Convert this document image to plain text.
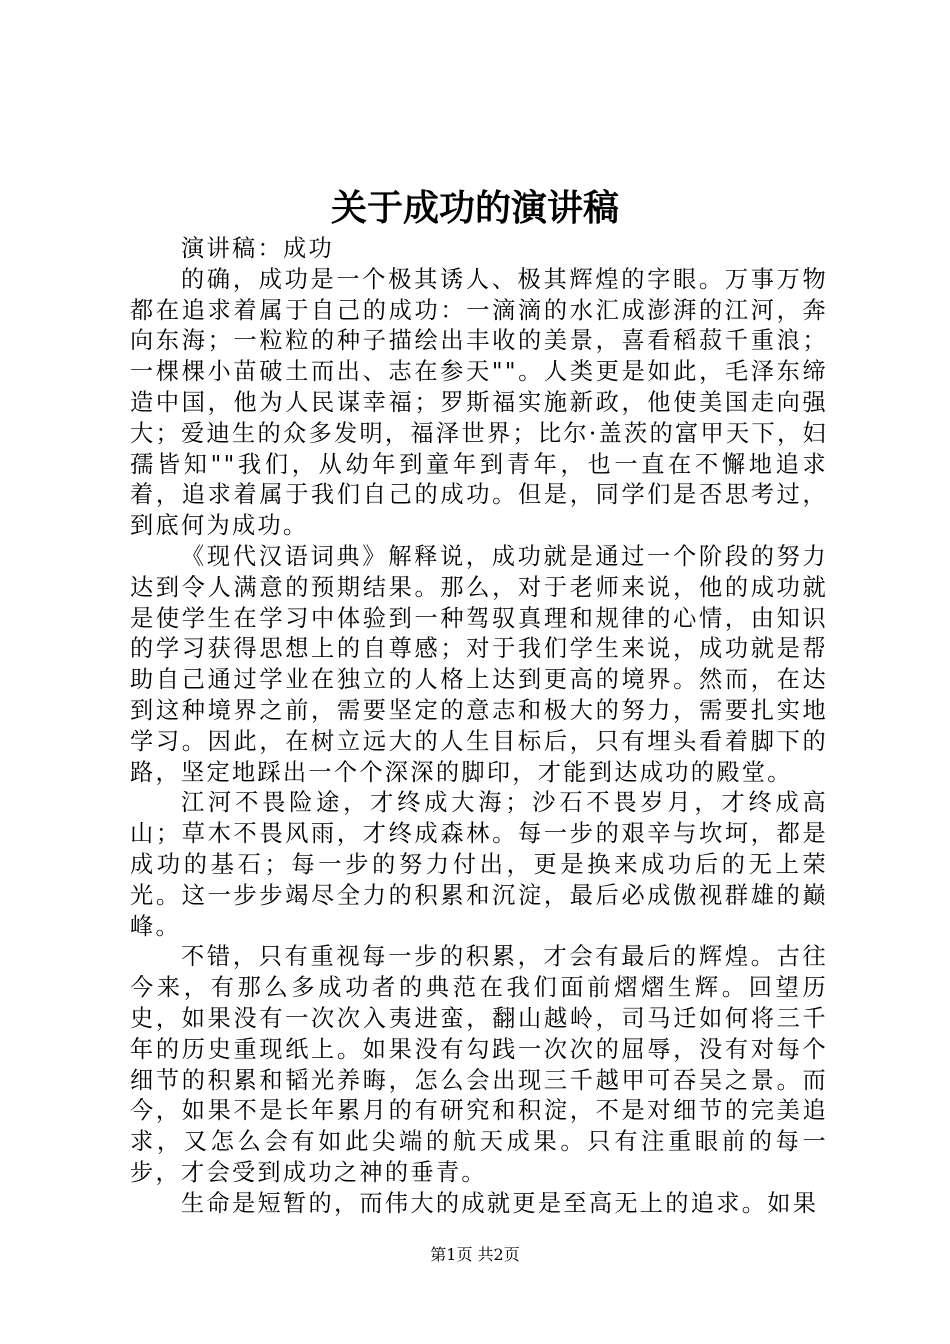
关于成功的演讲稿

演讲稿：成功

的确，成功是一个极其诱人、极其辉煌的字眼。万事万物都在追求着属于自己的成功：一滴滴的水汇成澎湃的江河，奔向东海；一粒粒的种子描绘出丰收的美景，喜看稻菽千重浪；一棵棵小苗破土而出、志在参天""。人类更是如此，毛泽东缔造中国，他为人民谋幸福；罗斯福实施新政，他使美国走向强大；爱迪生的众多发明，福泽世界；比尔·盖茨的富甲天下，妇孺皆知""我们，从幼年到童年到青年，也一直在不懈地追求着，追求着属于我们自己的成功。但是，同学们是否思考过，到底何为成功。

《现代汉语词典》解释说，成功就是通过一个阶段的努力达到令人满意的预期结果。那么，对于老师来说，他的成功就是使学生在学习中体验到一种驾驭真理和规律的心情，由知识的学习获得思想上的自尊感；对于我们学生来说，成功就是帮助自己通过学业在独立的人格上达到更高的境界。然而，在达到这种境界之前，需要坚定的意志和极大的努力，需要扎实地学习。因此，在树立远大的人生目标后，只有埋头看着脚下的路，坚定地踩出一个个深深的脚印，才能到达成功的殿堂。

江河不畏险途，才终成大海；沙石不畏岁月，才终成高山；草木不畏风雨，才终成森林。每一步的艰辛与坎坷，都是成功的基石；每一步的努力付出，更是换来成功后的无上荣光。这一步步竭尽全力的积累和沉淀，最后必成傲视群雄的巅峰。

不错，只有重视每一步的积累，才会有最后的辉煌。古往今来，有那么多成功者的典范在我们面前熠熠生辉。回望历史，如果没有一次次入夷进蛮，翻山越岭，司马迁如何将三千年的历史重现纸上。如果没有勾践一次次的屈辱，没有对每个细节的积累和韬光养晦，怎么会出现三千越甲可吞吴之景。而今，如果不是长年累月的有研究和积淀，不是对细节的完美追求，又怎么会有如此尖端的航天成果。只有注重眼前的每一步，才会受到成功之神的垂青。

生命是短暂的，而伟大的成就更是至高无上的追求。如果

第1页 共2页
